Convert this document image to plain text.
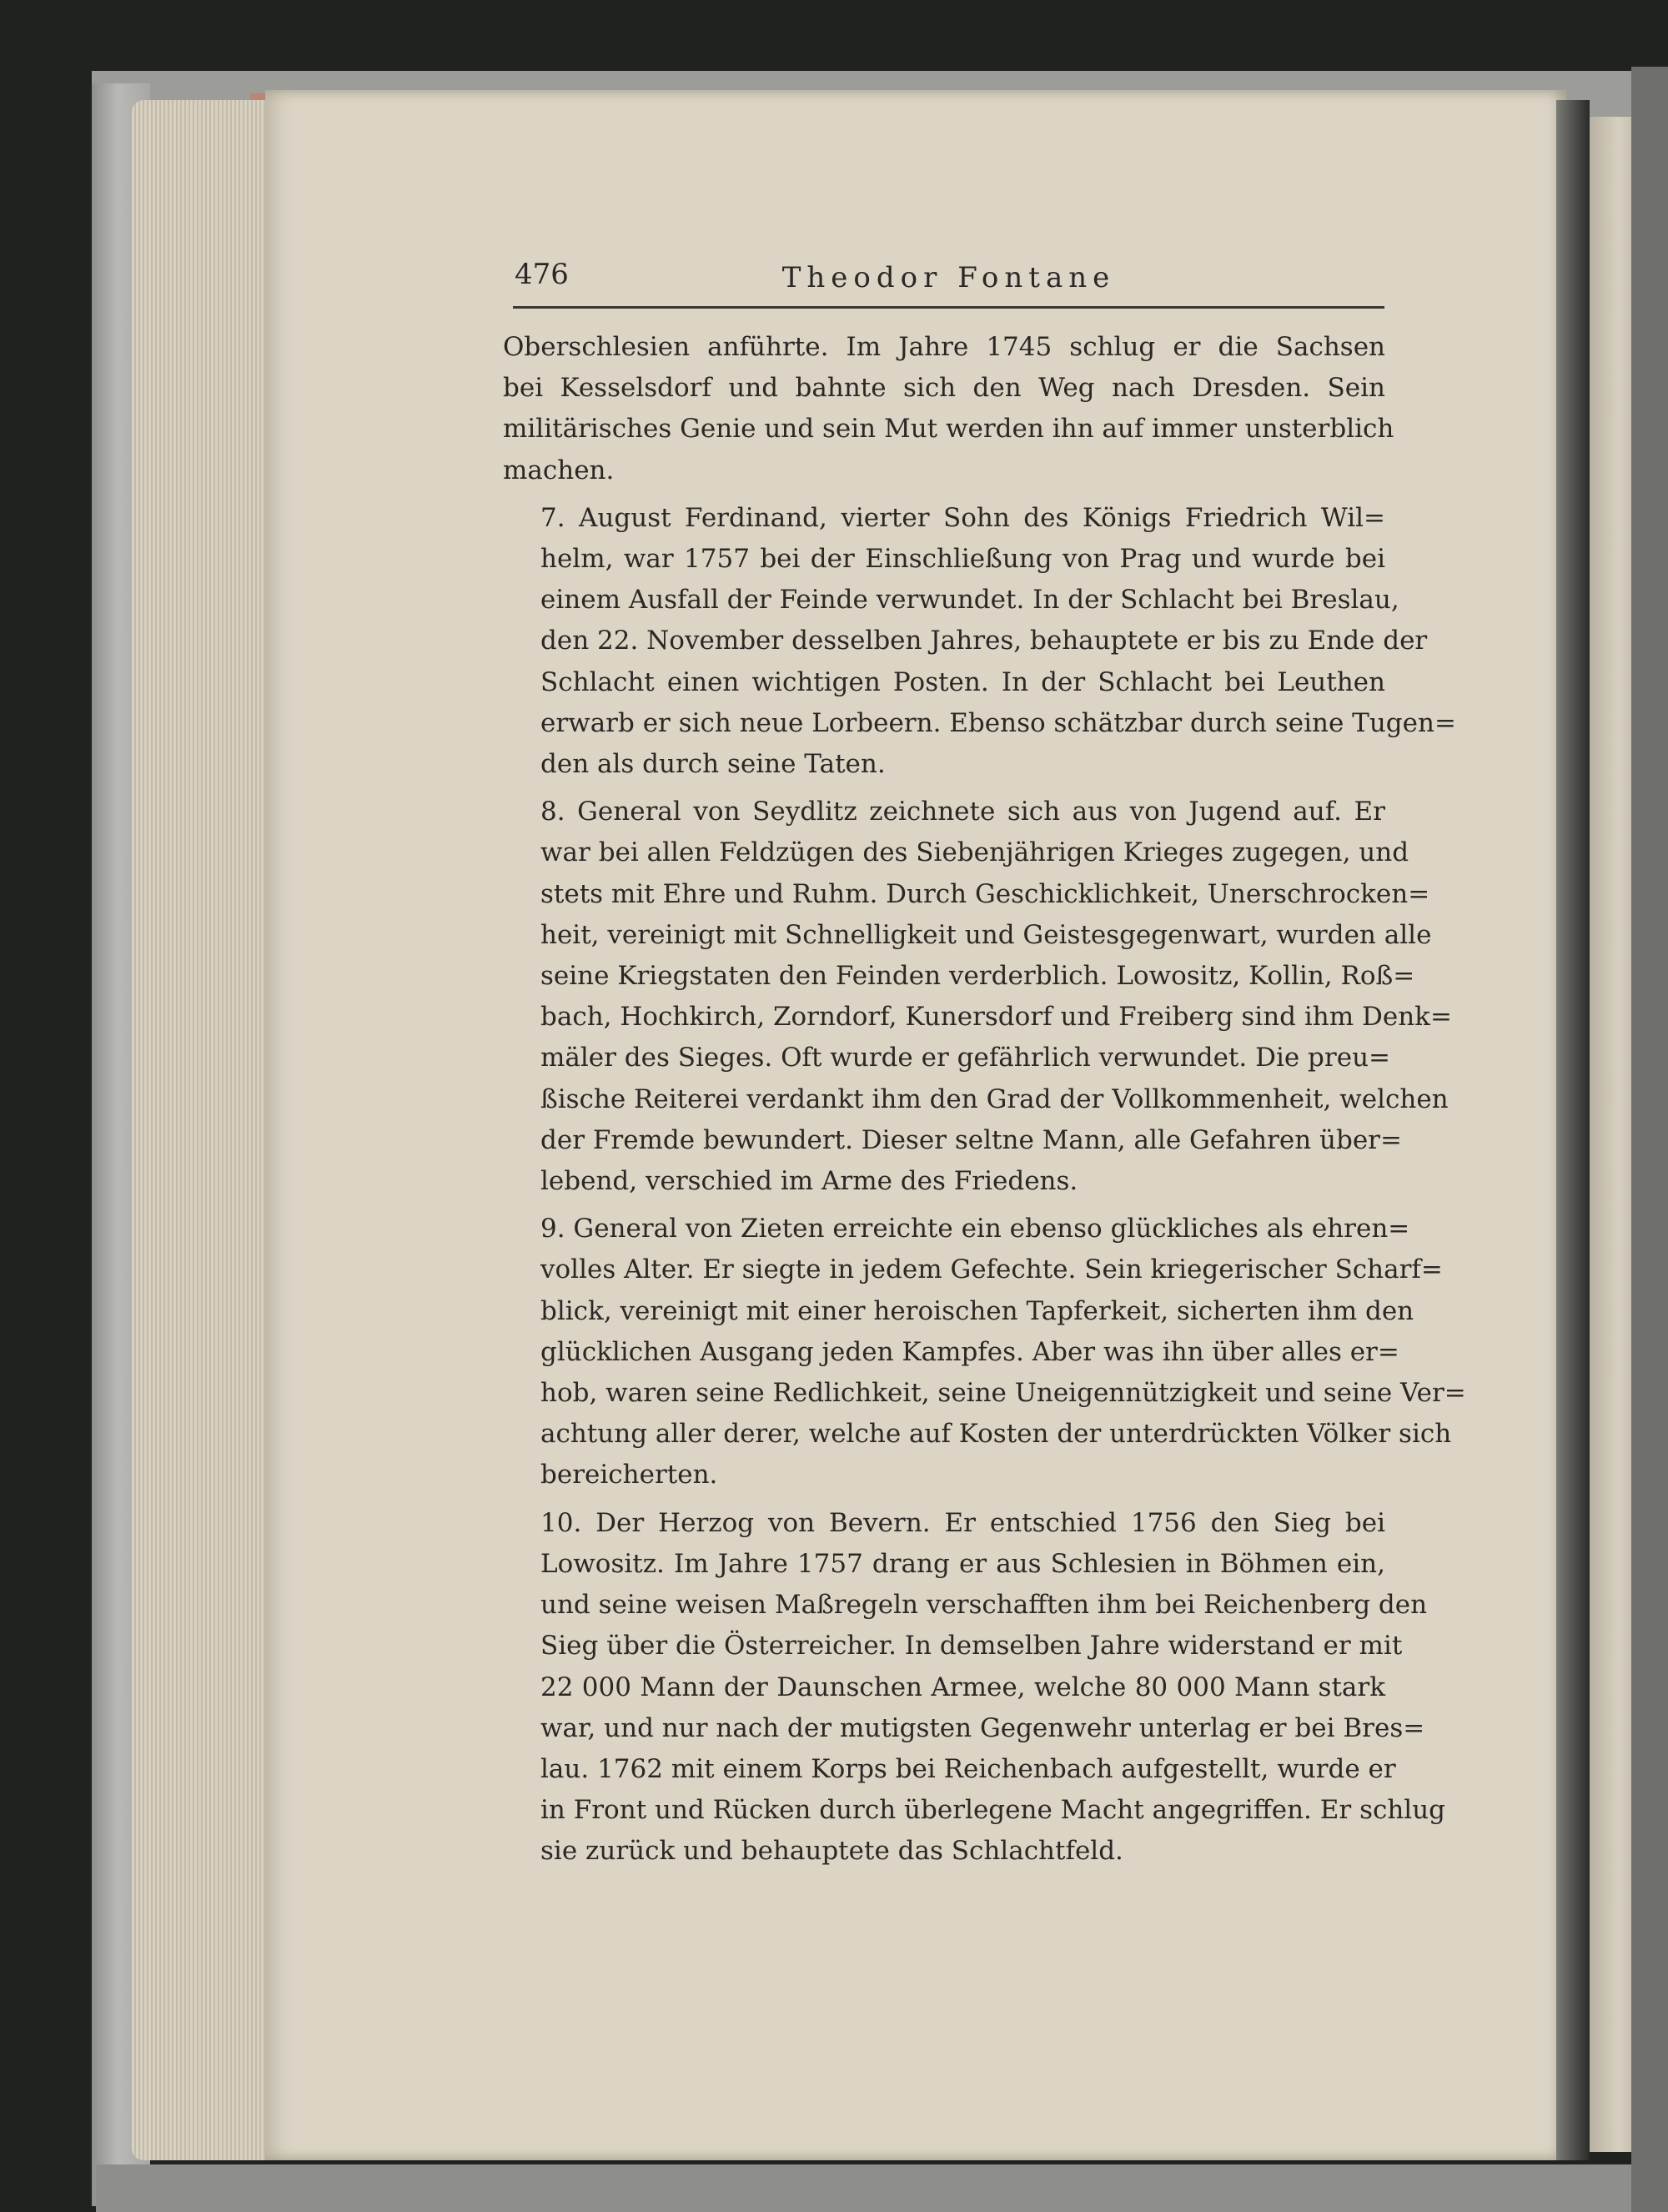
476	Theodor Fontane

Oberschlesien anführte. Im Jahre 1745 schlug er die Sachsen
bei Kesselsdorf und bahnte sich den Weg nach Dresden. Sein
militärisches Genie und sein Mut werden ihn auf immer unsterblich
machen.

7. August Ferdinand, vierter Sohn des Königs Friedrich Wil=
helm, war 1757 bei der Einschließung von Prag und wurde bei
einem Ausfall der Feinde verwundet. In der Schlacht bei Breslau,
den 22. November desselben Jahres, behauptete er bis zu Ende der
Schlacht einen wichtigen Posten. In der Schlacht bei Leuthen
erwarb er sich neue Lorbeern. Ebenso schätzbar durch seine Tugen=
den als durch seine Taten.

8. General von Seydlitz zeichnete sich aus von Jugend auf. Er
war bei allen Feldzügen des Siebenjährigen Krieges zugegen, und
stets mit Ehre und Ruhm. Durch Geschicklichkeit, Unerschrocken=
heit, vereinigt mit Schnelligkeit und Geistesgegenwart, wurden alle
seine Kriegstaten den Feinden verderblich. Lowositz, Kollin, Roß=
bach, Hochkirch, Zorndorf, Kunersdorf und Freiberg sind ihm Denk=
mäler des Sieges. Oft wurde er gefährlich verwundet. Die preu=
ßische Reiterei verdankt ihm den Grad der Vollkommenheit, welchen
der Fremde bewundert. Dieser seltne Mann, alle Gefahren über=
lebend, verschied im Arme des Friedens.

9. General von Zieten erreichte ein ebenso glückliches als ehren=
volles Alter. Er siegte in jedem Gefechte. Sein kriegerischer Scharf=
blick, vereinigt mit einer heroischen Tapferkeit, sicherten ihm den
glücklichen Ausgang jeden Kampfes. Aber was ihn über alles er=
hob, waren seine Redlichkeit, seine Uneigennützigkeit und seine Ver=
achtung aller derer, welche auf Kosten der unterdrückten Völker sich
bereicherten.

10. Der Herzog von Bevern. Er entschied 1756 den Sieg bei
Lowositz. Im Jahre 1757 drang er aus Schlesien in Böhmen ein,
und seine weisen Maßregeln verschafften ihm bei Reichenberg den
Sieg über die Österreicher. In demselben Jahre widerstand er mit
22 000 Mann der Daunschen Armee, welche 80 000 Mann stark
war, und nur nach der mutigsten Gegenwehr unterlag er bei Bres=
lau. 1762 mit einem Korps bei Reichenbach aufgestellt, wurde er
in Front und Rücken durch überlegene Macht angegriffen. Er schlug
sie zurück und behauptete das Schlachtfeld.
